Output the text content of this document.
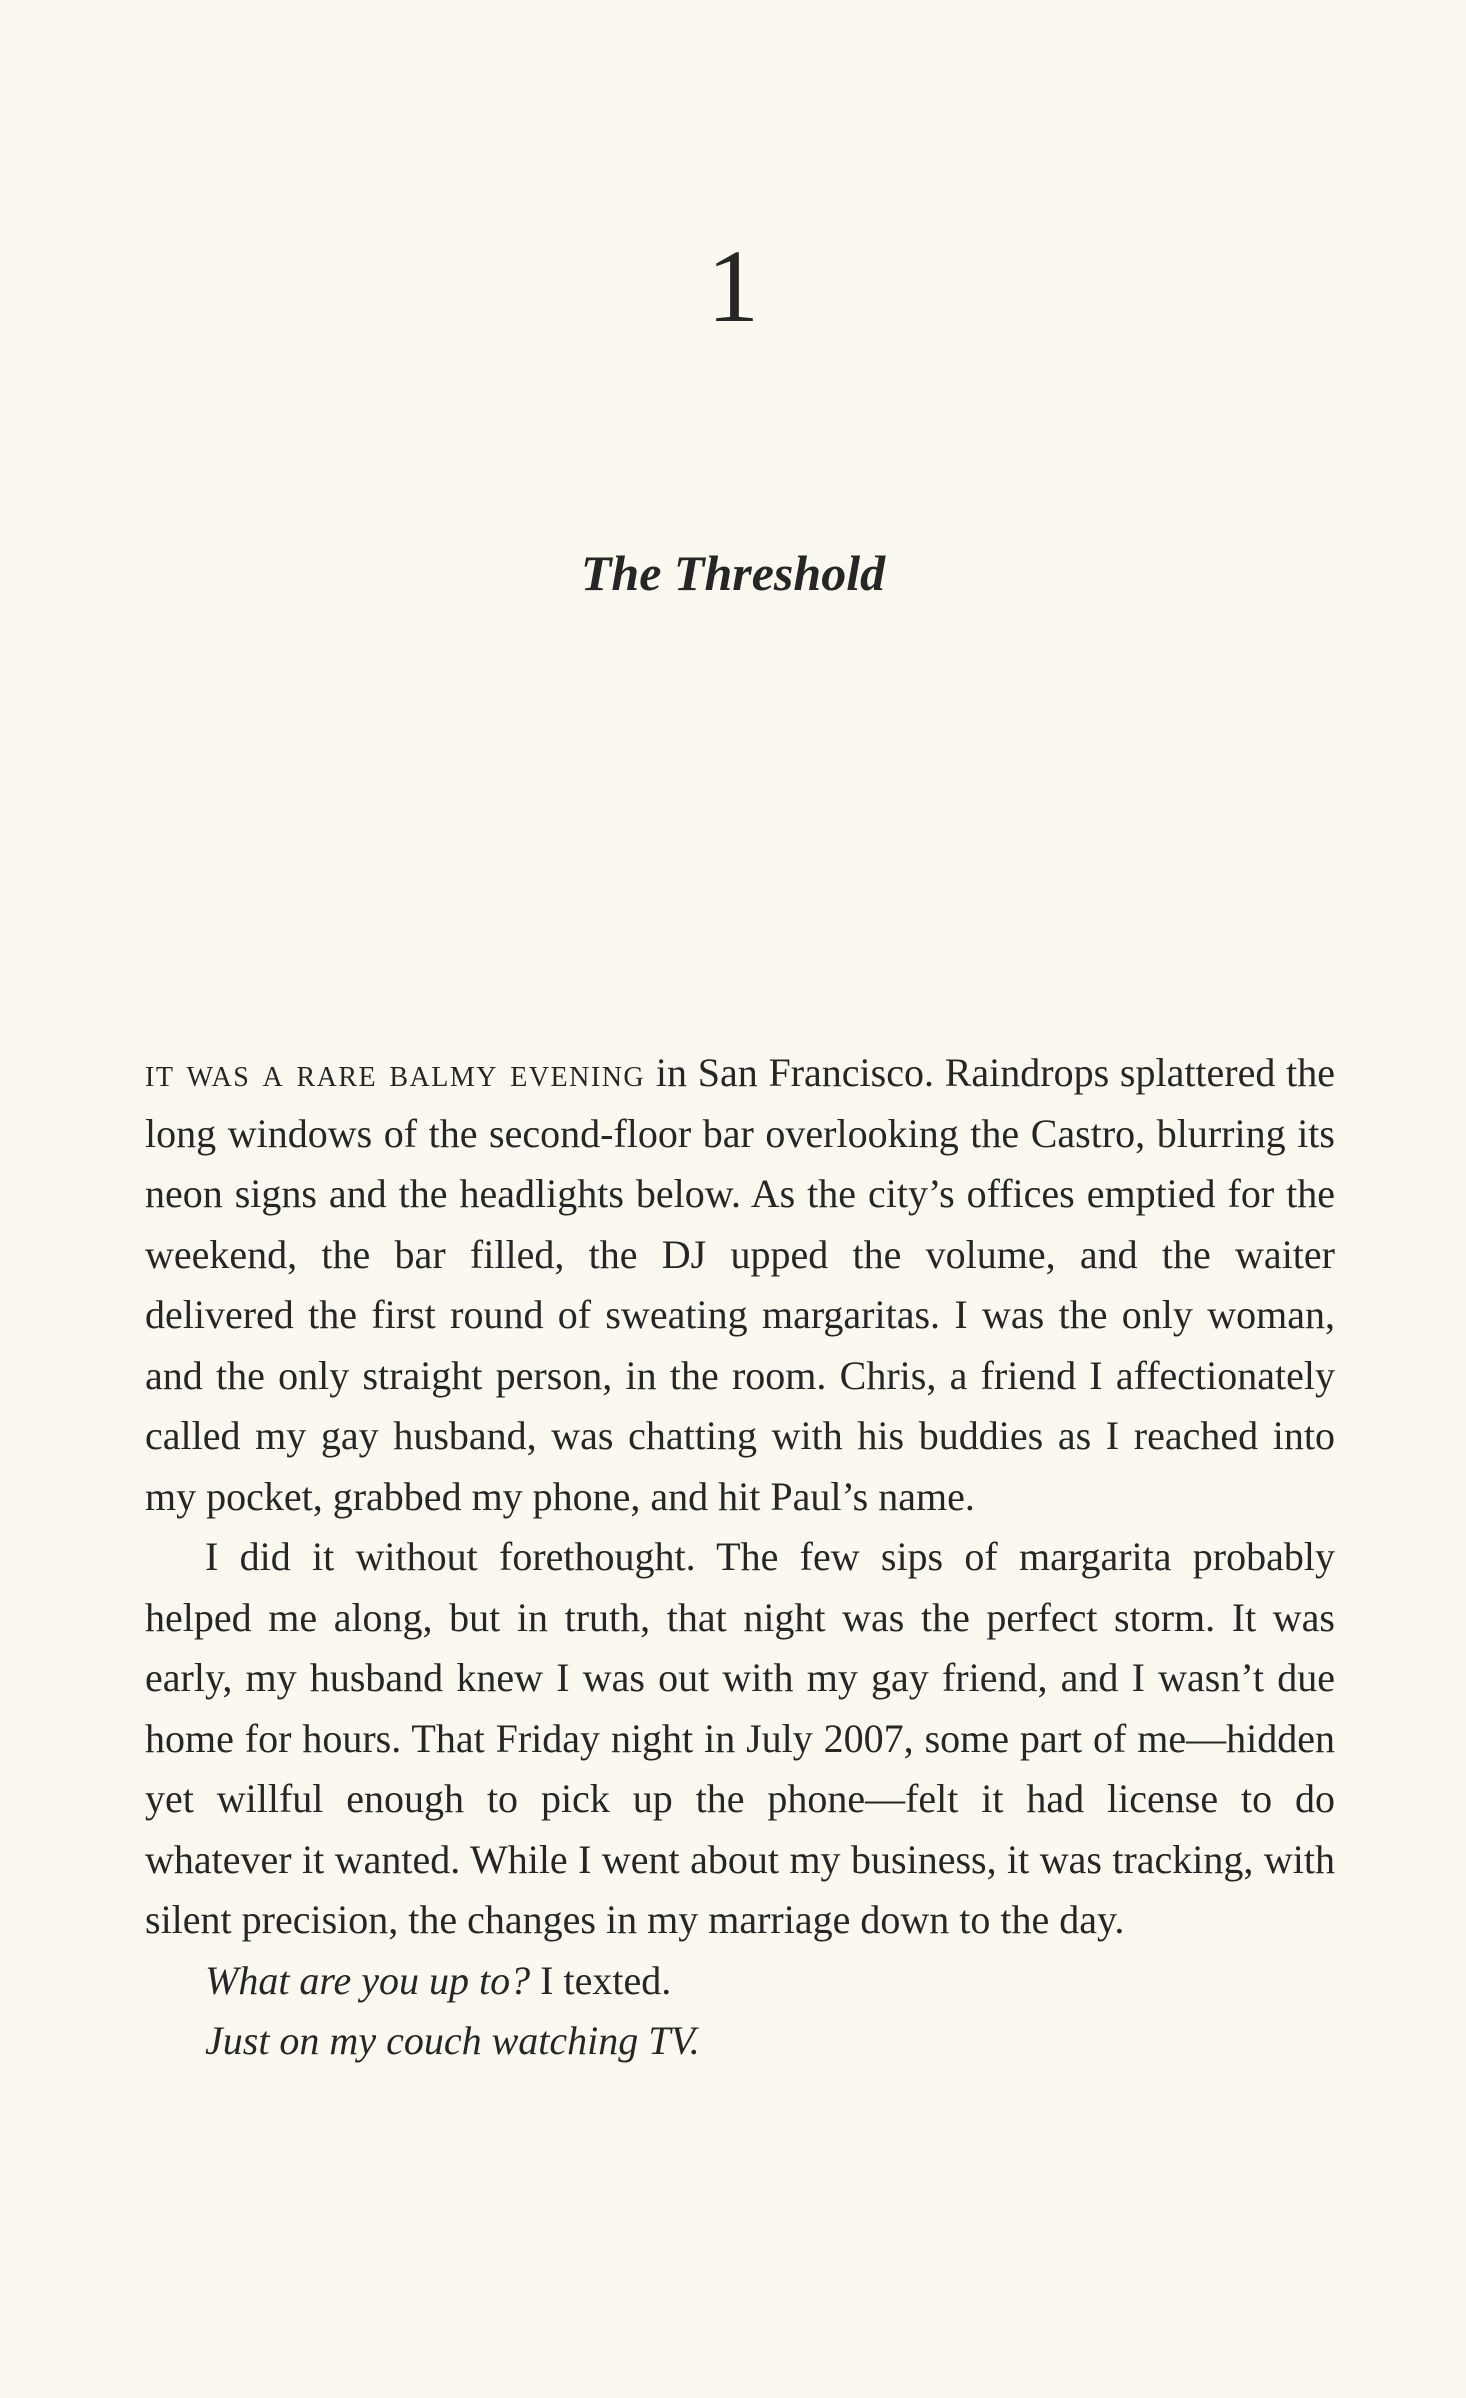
1
The Threshold

it was a rare balmy evening in San Francisco. Raindrops splattered the long windows of the second-floor bar overlooking the Castro, blurring its neon signs and the headlights below. As the city’s offices emptied for the weekend, the bar filled, the DJ upped the volume, and the waiter delivered the first round of sweating margaritas. I was the only woman, and the only straight person, in the room. Chris, a friend I affectionately called my gay husband, was chatting with his buddies as I reached into my pocket, grabbed my phone, and hit Paul’s name.

I did it without forethought. The few sips of margarita probably helped me along, but in truth, that night was the perfect storm. It was early, my husband knew I was out with my gay friend, and I wasn’t due home for hours. That Friday night in July 2007, some part of me—hidden yet willful enough to pick up the phone—felt it had license to do whatever it wanted. While I went about my business, it was tracking, with silent precision, the changes in my marriage down to the day.

What are you up to? I texted.

Just on my couch watching TV.
